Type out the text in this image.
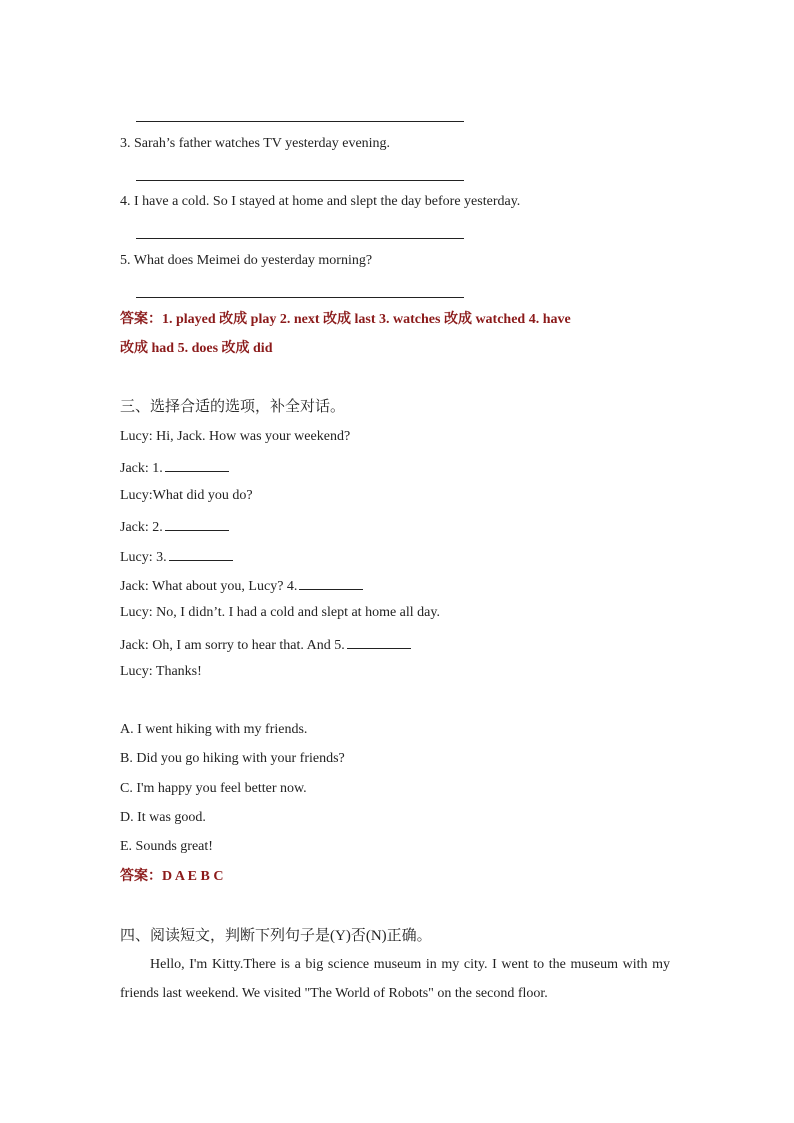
3. Sarah’s father watches TV yesterday evening.
4. I have a cold. So I stayed at home and slept the day before yesterday.
5. What does Meimei do yesterday morning?
答案：1. played 改成 play 2. next 改成 last 3. watches 改成 watched 4. have
改成 had 5. does 改成 did
三、选择合适的选项，补全对话。
Lucy: Hi, Jack. How was your weekend?
Jack: 1.
Lucy:What did you do?
Jack: 2.
Lucy: 3.
Jack: What about you, Lucy? 4.
Lucy: No, I didn’t. I had a cold and slept at home all day.
Jack: Oh, I am sorry to hear that. And 5.
Lucy: Thanks!
A. I went hiking with my friends.
B. Did you go hiking with your friends?
C. I'm happy you feel better now.
D. It was good.
E. Sounds great!
答案：D A E B C
四、阅读短文，判断下列句子是(Y)否(N)正确。
Hello, I'm Kitty.There is a big science museum in my city. I went to the museum with my friends last weekend. We visited "The World of Robots" on the second floor.
